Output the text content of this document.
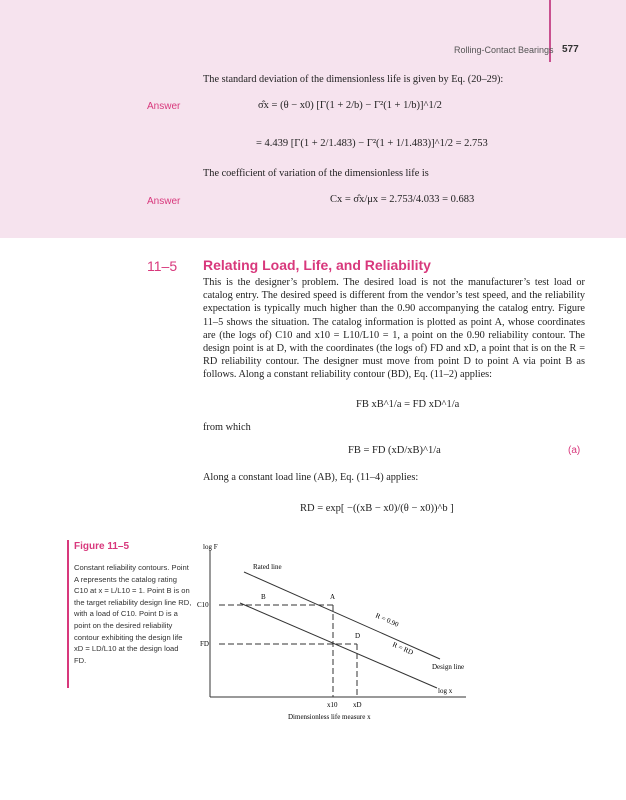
Rolling-Contact Bearings 577
The standard deviation of the dimensionless life is given by Eq. (20–29):
Answer	σ̂x = (θ − x0) [Γ(1 + 2/b) − Γ²(1 + 1/b)]^1/2
= 4.439 [Γ(1 + 2/1.483) − Γ²(1 + 1/1.483)]^1/2 = 2.753
The coefficient of variation of the dimensionless life is
Answer	Cx = σ̂x/μx = 2.753/4.033 = 0.683
11–5 Relating Load, Life, and Reliability
This is the designer’s problem. The desired load is not the manufacturer’s test load or catalog entry. The desired speed is different from the vendor’s test speed, and the reliability expectation is typically much higher than the 0.90 accompanying the catalog entry. Figure 11–5 shows the situation. The catalog information is plotted as point A, whose coordinates are (the logs of) C10 and x10 = L10/L10 = 1, a point on the 0.90 reliability contour. The design point is at D, with the coordinates (the logs of) FD and xD, a point that is on the R = RD reliability contour. The designer must move from point D to point A via point B as follows. Along a constant reliability contour (BD), Eq. (11–2) applies:
FB xB^1/a = FD xD^1/a
from which
FB = FD (xD/xB)^1/a	(a)
Along a constant load line (AB), Eq. (11–4) applies:
RD = exp[ −((xB − x0)/(θ − x0))^b ]
Figure 11–5
Constant reliability contours. Point A represents the catalog rating C10 at x = L/L10 = 1. Point B is on the target reliability design line RD, with a load of C10. Point D is a point on the desired reliability contour exhibiting the design life xD = LD/L10 at the design load FD.
log F
log x
Rated line
Design line
R = 0.90
R = RD
A
B
D
C10
FD
x10 xD
Dimensionless life measure x
